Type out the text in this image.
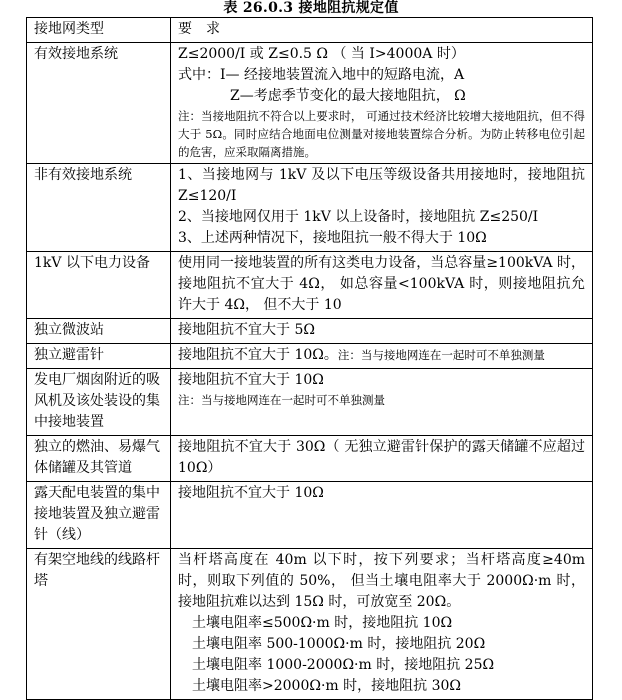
表 26.0.3 接地阻抗规定值
接地网类型	要　求
有效接地系统	Z≤2000/I 或 Z≤0.5 Ω （ 当 I>4000A 时）
式中：I— 经接地装置流入地中的短路电流，A
Z—考虑季节变化的最大接地阻抗， Ω
注：当接地阻抗不符合以上要求时， 可通过技术经济比较增大接地阻抗，但不得大于 5Ω。同时应结合地面电位测量对接地装置综合分析。为防止转移电位引起的危害，应采取隔离措施。

非有效接地系统	1、当接地网与 1kV 及以下电压等级设备共用接地时，接地阻抗 Z≤120/I
2、当接地网仅用于 1kV 以上设备时，接地阻抗 Z≤250/I
3、上述两种情况下，接地阻抗一般不得大于 10Ω

1kV 以下电力设备	使用同一接地装置的所有这类电力设备，当总容量≥100kVA 时，接地阻抗不宜大于 4Ω， 如总容量<100kVA 时，则接地阻抗允许大于 4Ω， 但不大于 10

独立微波站	接地阻抗不宜大于 5Ω

独立避雷针	接地阻抗不宜大于 10Ω。注：当与接地网连在一起时可不单独测量

发电厂烟囱附近的吸风机及该处装设的集中接地装置	接地阻抗不宜大于 10Ω
注：当与接地网连在一起时可不单独测量

独立的燃油、易爆气体储罐及其管道	接地阻抗不宜大于 30Ω（ 无独立避雷针保护的露天储罐不应超过 10Ω）

露天配电装置的集中接地装置及独立避雷针（线）	接地阻抗不宜大于 10Ω

有架空地线的线路杆塔	当杆塔高度在 40m 以下时，按下列要求；当杆塔高度≥40m 时，则取下列值的 50%， 但当土壤电阻率大于 2000Ω·m 时，接地阻抗难以达到 15Ω 时，可放宽至 20Ω。
土壤电阻率≤500Ω·m 时，接地阻抗 10Ω
土壤电阻率 500-1000Ω·m 时，接地阻抗 20Ω
土壤电阻率 1000-2000Ω·m 时，接地阻抗 25Ω
土壤电阻率>2000Ω·m 时，接地阻抗 30Ω
